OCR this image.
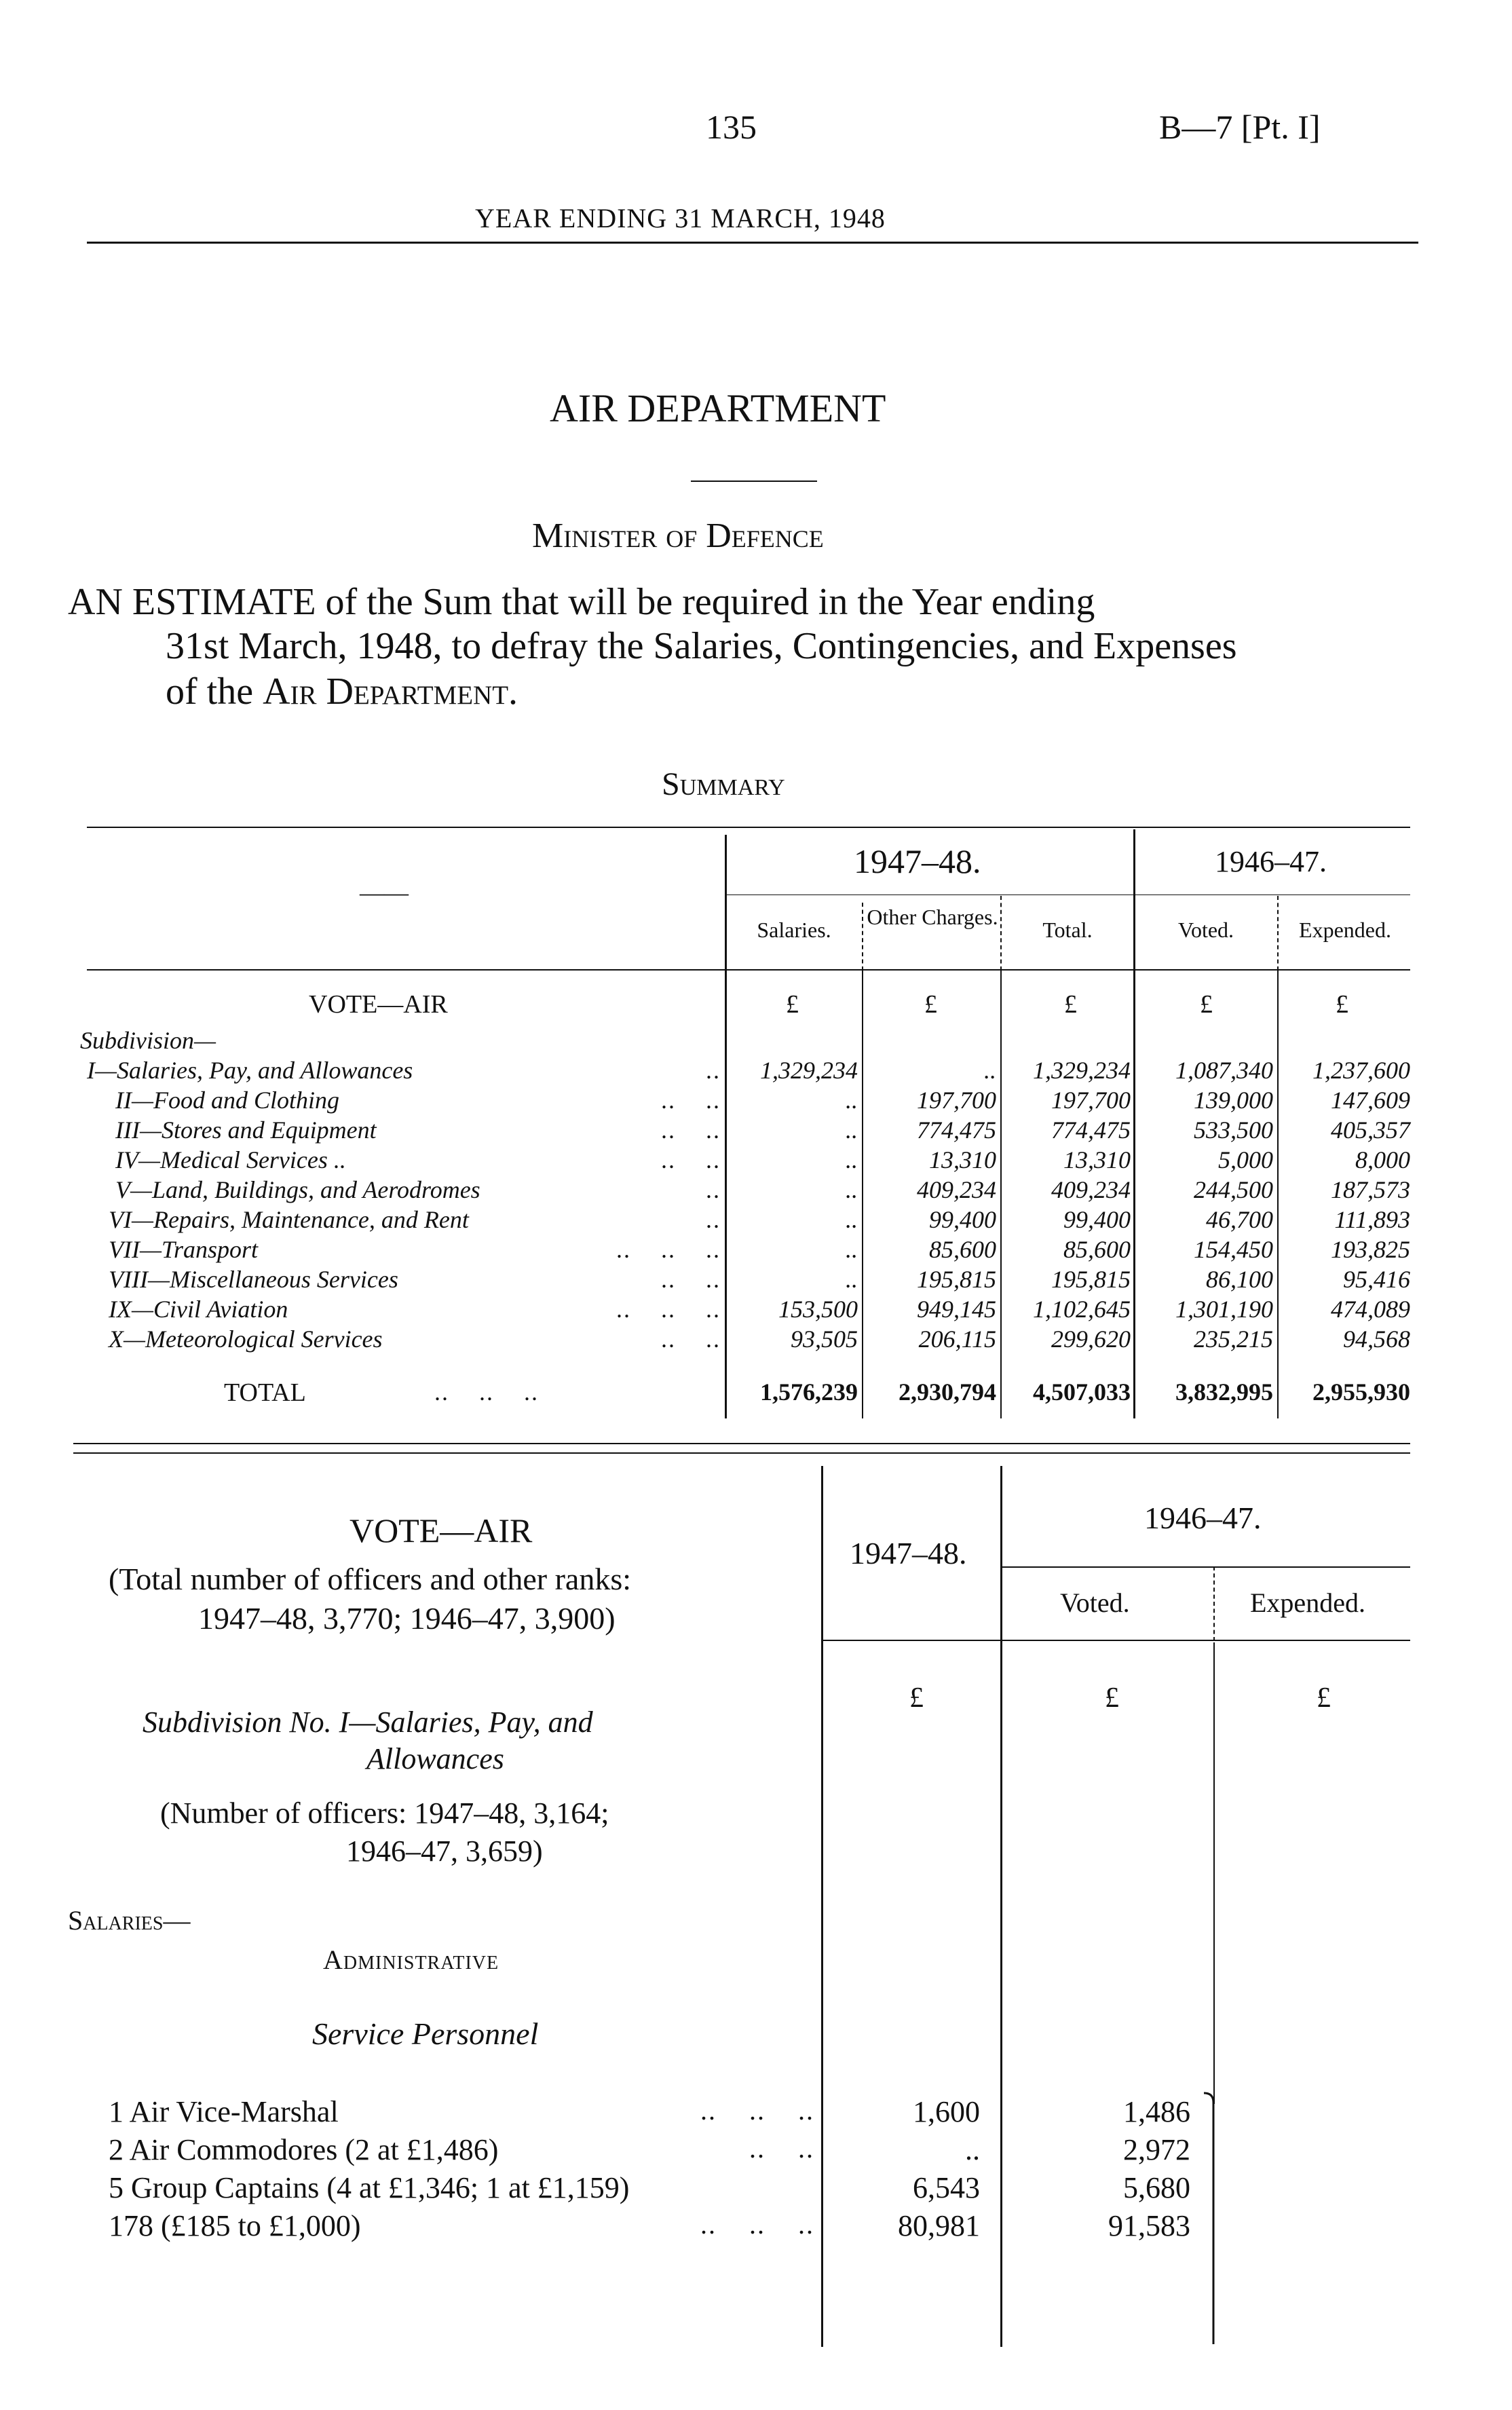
135	B—7 [Pt. I]
YEAR ENDING 31 MARCH, 1948
AIR DEPARTMENT
Minister of Defence
AN ESTIMATE of the Sum that will be required in the Year ending
31st March, 1948, to defray the Salaries, Contingencies, and Expenses
of the Air Department.
Summary
——
1947–48.	1946–47.
Salaries.
Other Charges.
Total.	Voted.	Expended.
VOTE—AIR	£	£	£	£	£
Subdivision—
I—Salaries, Pay, and Allowances	..	1,329,234	..	1,329,234	1,087,340	1,237,600
II—Food and Clothing	..    ..	..	197,700	197,700	139,000	147,609
III—Stores and Equipment	..    ..	..	774,475	774,475	533,500	405,357
IV—Medical Services ..	..    ..	..	13,310	13,310	5,000	8,000
V—Land, Buildings, and Aerodromes	..	..	409,234	409,234	244,500	187,573
VI—Repairs, Maintenance, and Rent	..	..	99,400	99,400	46,700	111,893
VII—Transport	..    ..    ..	..	85,600	85,600	154,450	193,825
VIII—Miscellaneous Services	..    ..	..	195,815	195,815	86,100	95,416
IX—Civil Aviation	..    ..    ..	153,500	949,145	1,102,645	1,301,190	474,089
X—Meteorological Services	..    ..	93,505	206,115	299,620	235,215	94,568
TOTAL	..    ..    ..	1,576,239	2,930,794	4,507,033	3,832,995	2,955,930
VOTE—AIR
(Total number of officers and other ranks:
1947–48, 3,770; 1946–47, 3,900)
1947–48.
1946–47.
Voted.	Expended.
£	£	£
Subdivision No. I—Salaries, Pay, and
Allowances
(Number of officers: 1947–48, 3,164;
1946–47, 3,659)
Salaries—
Administrative
Service Personnel
1 Air Vice-Marshal	..    ..    ..	1,600	1,486
2 Air Commodores (2 at £1,486)	..    ..	..	2,972
5 Group Captains (4 at £1,346; 1 at £1,159)	6,543	5,680
178 (£185 to £1,000)	..    ..    ..	80,981	91,583
